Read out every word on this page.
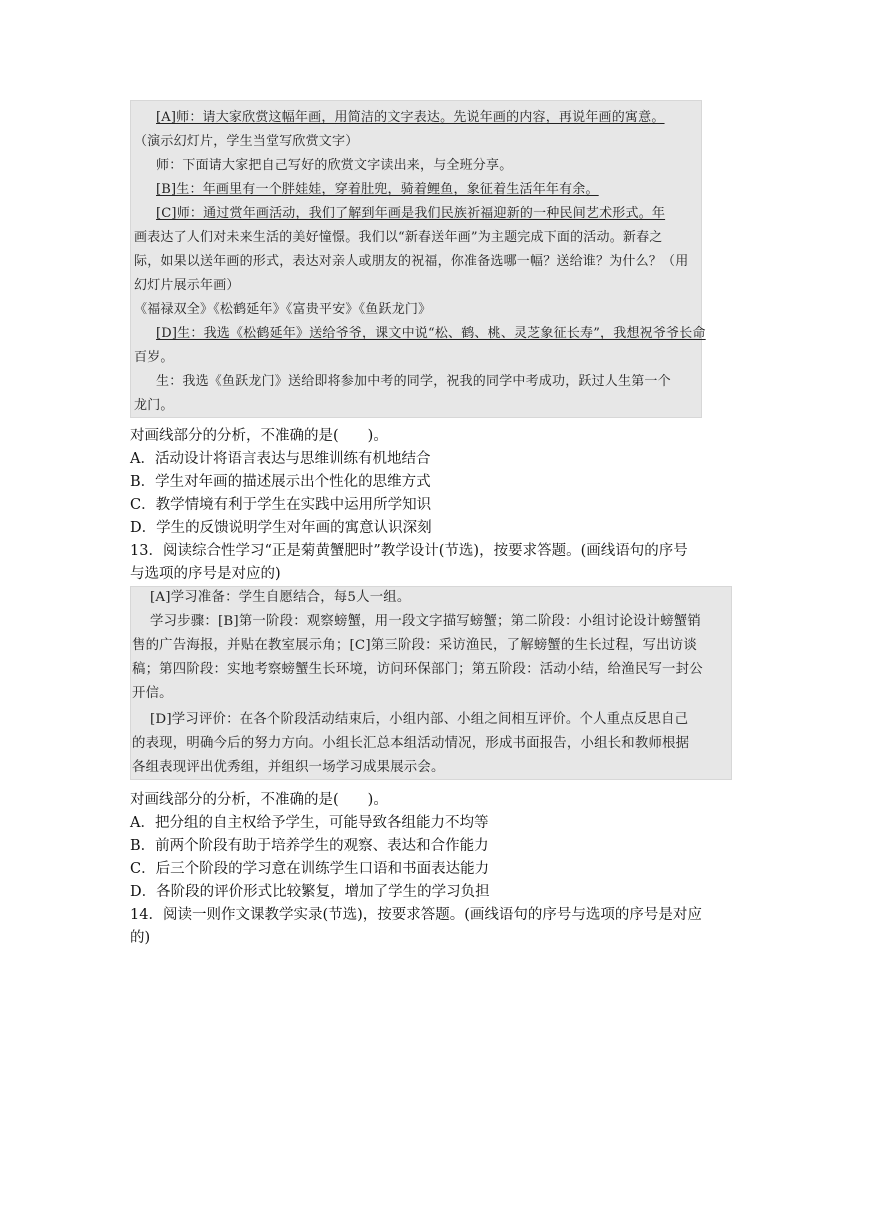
[A]师：请大家欣赏这幅年画，用简洁的文字表达。先说年画的内容，再说年画的寓意。
（演示幻灯片，学生当堂写欣赏文字）
师：下面请大家把自己写好的欣赏文字读出来，与全班分享。
[B]生：年画里有一个胖娃娃，穿着肚兜，骑着鲤鱼，象征着生活年年有余。
[C]师：通过赏年画活动，我们了解到年画是我们民族祈福迎新的一种民间艺术形式。年
画表达了人们对未来生活的美好憧憬。我们以“新春送年画”为主题完成下面的活动。新春之
际，如果以送年画的形式，表达对亲人或朋友的祝福，你准备选哪一幅？送给谁？为什么？（用
幻灯片展示年画）
《福禄双全》《松鹤延年》《富贵平安》《鱼跃龙门》
[D]生：我选《松鹤延年》送给爷爷，课文中说“松、鹤、桃、灵芝象征长寿”，我想祝爷爷长命
百岁。
生：我选《鱼跃龙门》送给即将参加中考的同学，祝我的同学中考成功，跃过人生第一个
龙门。
对画线部分的分析，不准确的是(　　)。
A．活动设计将语言表达与思维训练有机地结合
B．学生对年画的描述展示出个性化的思维方式
C．教学情境有利于学生在实践中运用所学知识
D．学生的反馈说明学生对年画的寓意认识深刻
13．阅读综合性学习“正是菊黄蟹肥时”教学设计(节选)，按要求答题。(画线语句的序号
与选项的序号是对应的)
[A]学习准备：学生自愿结合，每5人一组。
学习步骤：[B]第一阶段：观察螃蟹，用一段文字描写螃蟹；第二阶段：小组讨论设计螃蟹销
售的广告海报，并贴在教室展示角；[C]第三阶段：采访渔民，了解螃蟹的生长过程，写出访谈
稿；第四阶段：实地考察螃蟹生长环境，访问环保部门；第五阶段：活动小结，给渔民写一封公
开信。
[D]学习评价：在各个阶段活动结束后，小组内部、小组之间相互评价。个人重点反思自己
的表现，明确今后的努力方向。小组长汇总本组活动情况，形成书面报告，小组长和教师根据
各组表现评出优秀组，并组织一场学习成果展示会。
对画线部分的分析，不准确的是(　　)。
A．把分组的自主权给予学生，可能导致各组能力不均等
B．前两个阶段有助于培养学生的观察、表达和合作能力
C．后三个阶段的学习意在训练学生口语和书面表达能力
D．各阶段的评价形式比较繁复，增加了学生的学习负担
14．阅读一则作文课教学实录(节选)，按要求答题。(画线语句的序号与选项的序号是对应
的)
